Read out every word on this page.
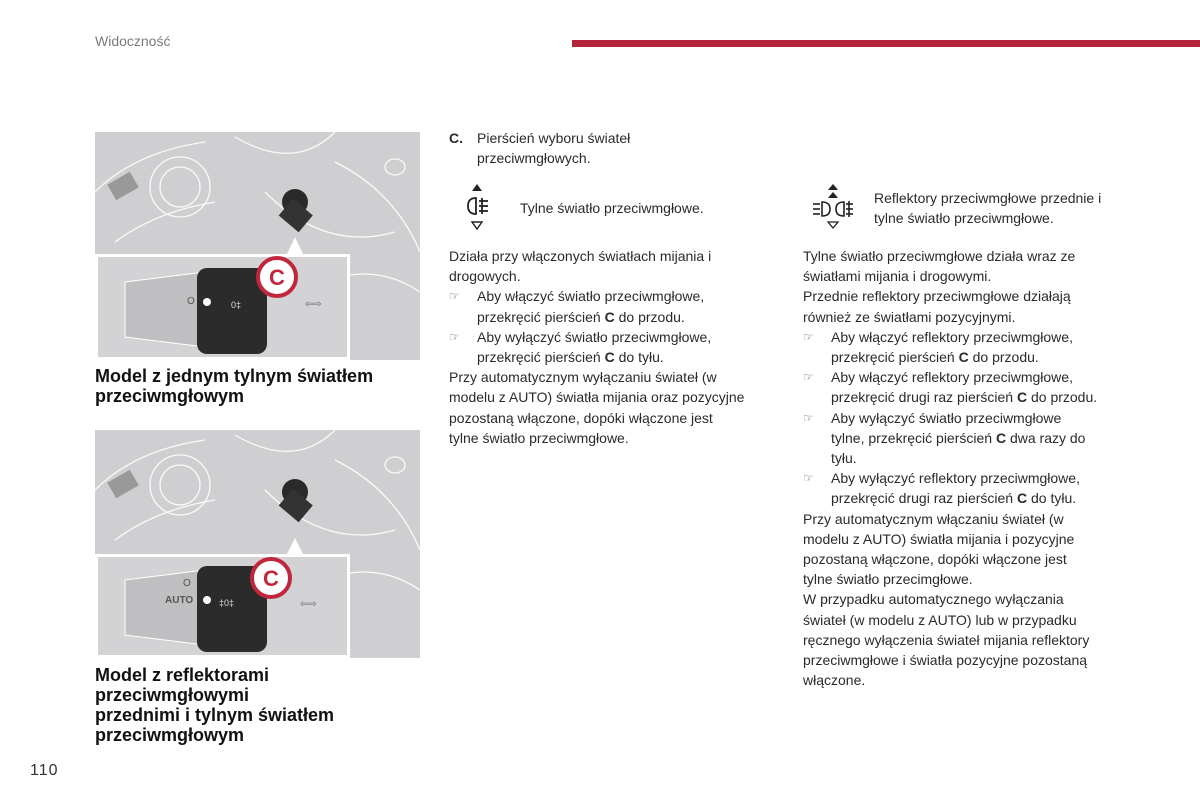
Widoczność
C
O	0‡	⇦⇨
Model z jednym tylnym światłem
przeciwmgłowym
C
O
AUTO	‡0‡	⇦⇨
Model z reflektorami
przeciwmgłowymi
przednimi i tylnym światłem
przeciwmgłowym
C. Pierścień wyboru świateł

przeciwmgłowych.

Tylne światło przeciwmgłowe.

Działa przy włączonych światłach mijania i

drogowych.

☞	Aby włączyć światło przeciwmgłowe,

przekręcić pierścień C do przodu.

☞	Aby wyłączyć światło przeciwmgłowe,

przekręcić pierścień C do tyłu.

Przy automatycznym wyłączaniu świateł (w

modelu z AUTO) światła mijania oraz pozycyjne

pozostaną włączone, dopóki włączone jest

tylne światło przeciwmgłowe.

Reflektory przeciwmgłowe przednie i

tylne światło przeciwmgłowe.

Tylne światło przeciwmgłowe działa wraz ze

światłami mijania i drogowymi.

Przednie reflektory przeciwmgłowe działają

również ze światłami pozycyjnymi.

☞	Aby włączyć reflektory przeciwmgłowe,

przekręcić pierścień C do przodu.

☞	Aby włączyć reflektory przeciwmgłowe,

przekręcić drugi raz pierścień C do przodu.

☞	Aby wyłączyć światło przeciwmgłowe

tylne, przekręcić pierścień C dwa razy do

tyłu.

☞	Aby wyłączyć reflektory przeciwmgłowe,

przekręcić drugi raz pierścień C do tyłu.

Przy automatycznym włączaniu świateł (w

modelu z AUTO) światła mijania i pozycyjne

pozostaną włączone, dopóki włączone jest

tylne światło przecimgłowe.

W przypadku automatycznego wyłączania

świateł (w modelu z AUTO) lub w przypadku

ręcznego wyłączenia świateł mijania reflektory

przeciwmgłowe i światła pozycyjne pozostaną

włączone.

110
